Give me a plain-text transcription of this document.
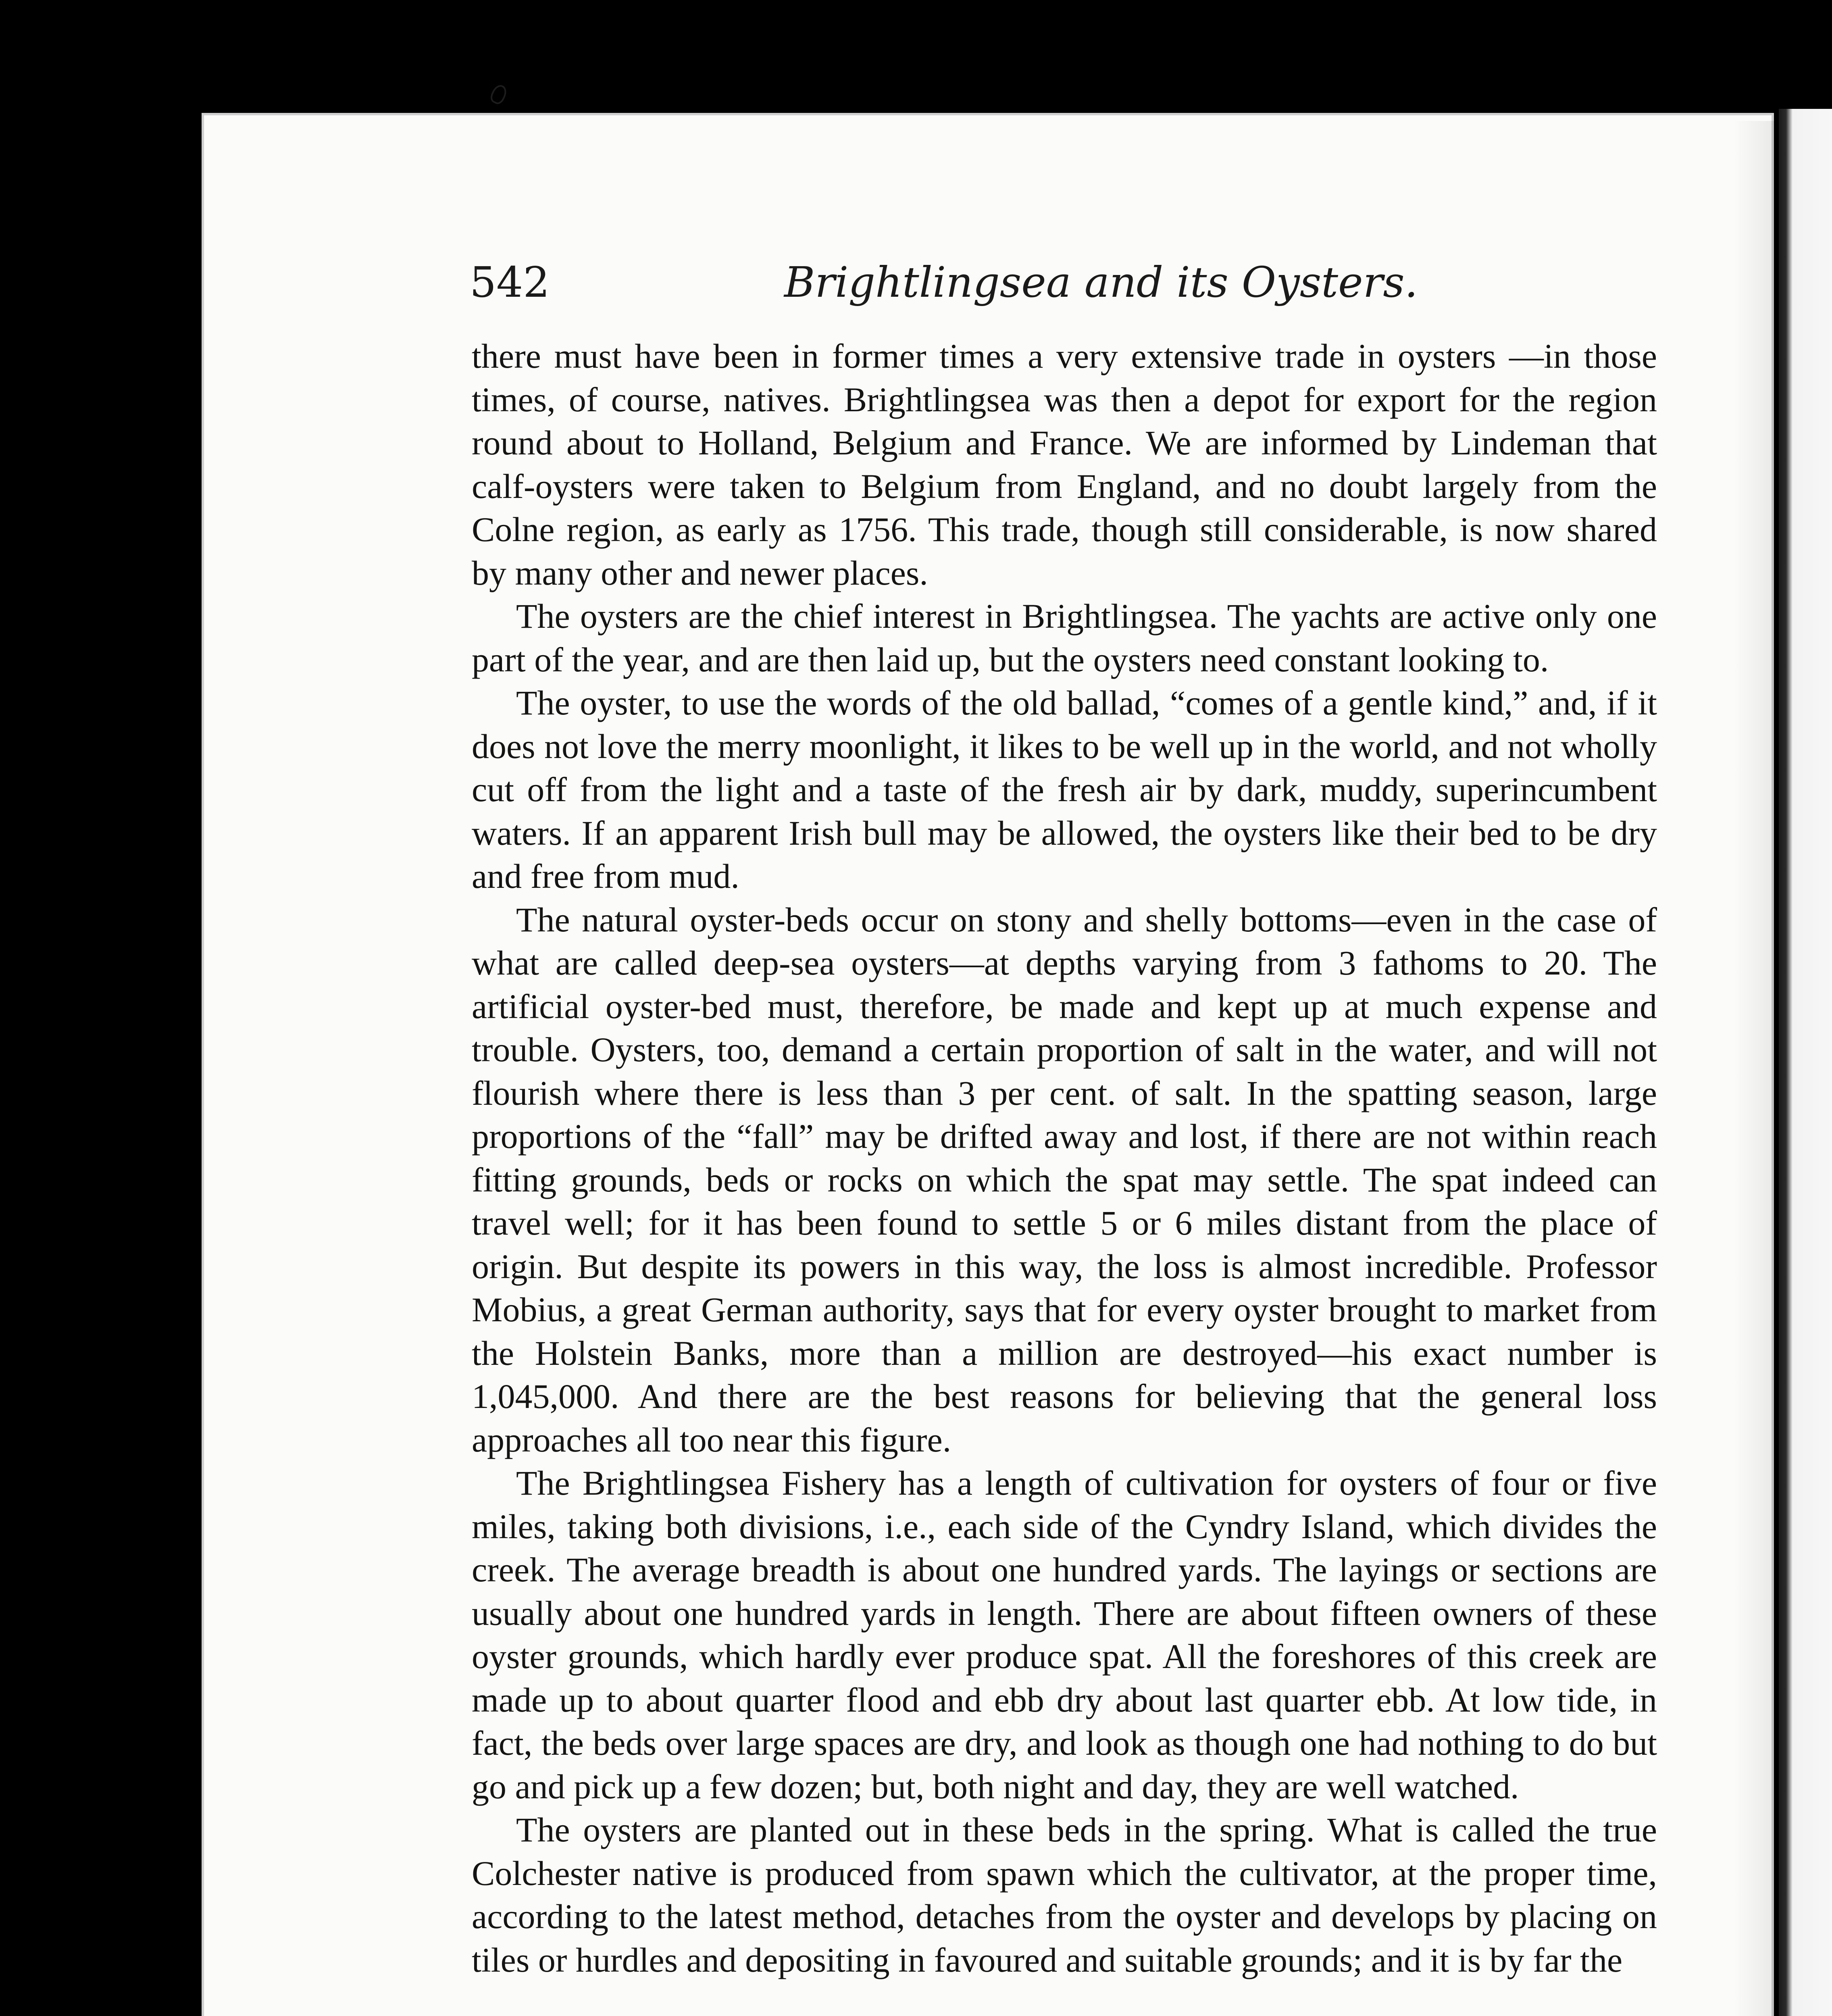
542	Brightlingsea and its Oysters.

there must have been in former times a very extensive trade in oysters —in those times, of course, natives. Brightlingsea was then a depot for export for the region round about to Holland, Belgium and France. We are informed by Lindeman that calf-oysters were taken to Belgium from England, and no doubt largely from the Colne region, as early as 1756. This trade, though still considerable, is now shared by many other and newer places.

The oysters are the chief interest in Brightlingsea. The yachts are active only one part of the year, and are then laid up, but the oysters need constant looking to.

The oyster, to use the words of the old ballad, “comes of a gentle kind,” and, if it does not love the merry moonlight, it likes to be well up in the world, and not wholly cut off from the light and a taste of the fresh air by dark, muddy, superincumbent waters. If an apparent Irish bull may be allowed, the oysters like their bed to be dry and free from mud.

The natural oyster-beds occur on stony and shelly bottoms—even in the case of what are called deep-sea oysters—at depths varying from 3 fathoms to 20. The artificial oyster-bed must, therefore, be made and kept up at much expense and trouble. Oysters, too, demand a certain proportion of salt in the water, and will not flourish where there is less than 3 per cent. of salt. In the spatting season, large proportions of the “fall” may be drifted away and lost, if there are not within reach fitting grounds, beds or rocks on which the spat may settle. The spat indeed can travel well; for it has been found to settle 5 or 6 miles distant from the place of origin. But despite its powers in this way, the loss is almost incredible. Professor Mobius, a great German authority, says that for every oyster brought to market from the Holstein Banks, more than a million are destroyed—his exact number is 1,045,000. And there are the best reasons for believing that the general loss approaches all too near this figure.

The Brightlingsea Fishery has a length of cultivation for oysters of four or five miles, taking both divisions, i.e., each side of the Cyndry Island, which divides the creek. The average breadth is about one hundred yards. The layings or sections are usually about one hundred yards in length. There are about fifteen owners of these oyster grounds, which hardly ever produce spat. All the foreshores of this creek are made up to about quarter flood and ebb dry about last quarter ebb. At low tide, in fact, the beds over large spaces are dry, and look as though one had nothing to do but go and pick up a few dozen; but, both night and day, they are well watched.

The oysters are planted out in these beds in the spring. What is called the true Colchester native is produced from spawn which the cultivator, at the proper time, according to the latest method, detaches from the oyster and develops by placing on tiles or hurdles and depositing in favoured and suitable grounds; and it is by far the
